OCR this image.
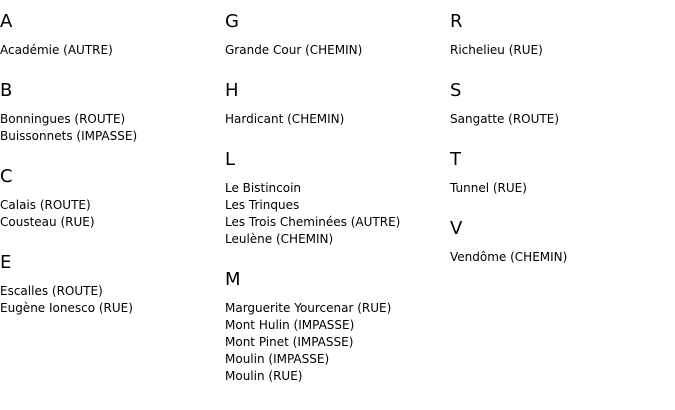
A
Académie (AUTRE)
B
Bonningues (ROUTE)
Buissonnets (IMPASSE)
C
Calais (ROUTE)
Cousteau (RUE)
E
Escalles (ROUTE)
Eugène Ionesco (RUE)
G
Grande Cour (CHEMIN)
H
Hardicant (CHEMIN)
L
Le Bistincoin
Les Trinques
Les Trois Cheminées (AUTRE)
Leulène (CHEMIN)
M
Marguerite Yourcenar (RUE)
Mont Hulin (IMPASSE)
Mont Pinet (IMPASSE)
Moulin (IMPASSE)
Moulin (RUE)
R
Richelieu (RUE)
S
Sangatte (ROUTE)
T
Tunnel (RUE)
V
Vendôme (CHEMIN)
